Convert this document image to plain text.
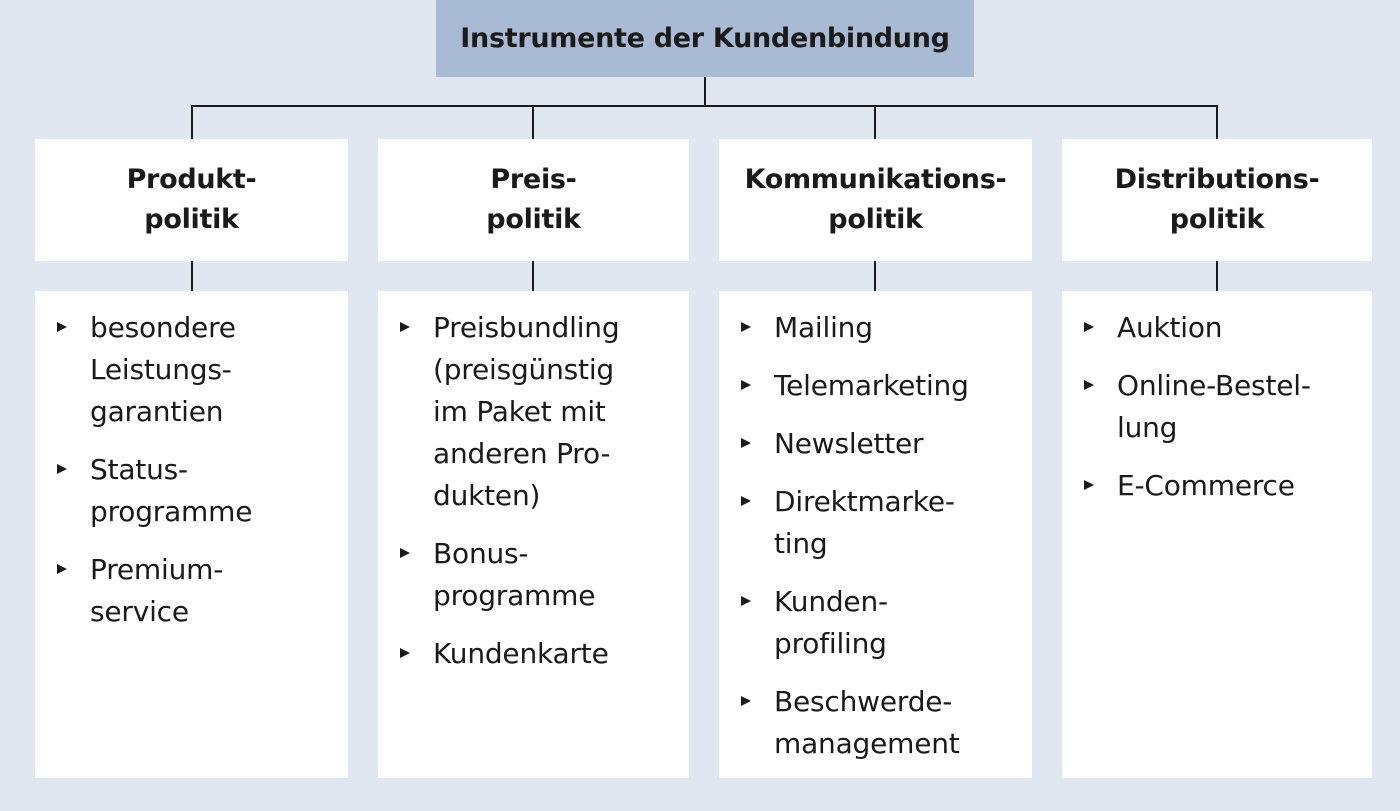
Instrumente der Kundenbindung
Produkt-
politik
Preis-
politik
Kommunikations-
politik
Distributions-
politik
besondere
Leistungs-
garantien
Status-
programme
Premium-
service
Preisbundling
(preisgünstig
im Paket mit
anderen Pro-
dukten)
Bonus-
programme
Kundenkarte
Mailing
Telemarketing
Newsletter
Direktmarke-
ting
Kunden-
profiling
Beschwerde-
management
Auktion
Online-Bestel-
lung
E-Commerce
